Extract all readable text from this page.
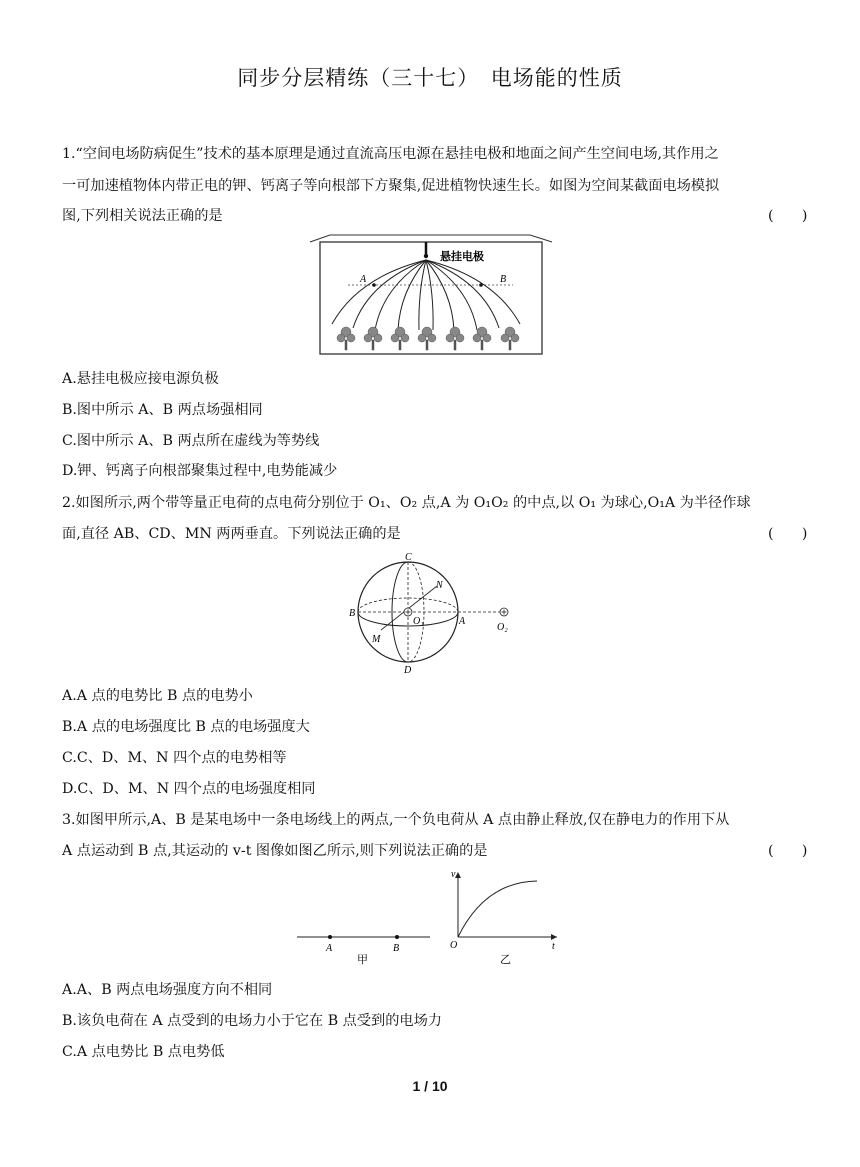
同步分层精练（三十七）　电场能的性质
1.“空间电场防病促生”技术的基本原理是通过直流高压电源在悬挂电极和地面之间产生空间电场,其作用之
一可加速植物体内带正电的钾、钙离子等向根部下方聚集,促进植物快速生长。如图为空间某截面电场模拟
图,下列相关说法正确的是	(　　)
悬挂电极
A	B
A.悬挂电极应接电源负极
B.图中所示 A、B 两点场强相同
C.图中所示 A、B 两点所在虚线为等势线
D.钾、钙离子向根部聚集过程中,电势能减少
2.如图所示,两个带等量正电荷的点电荷分别位于 O₁、O₂ 点,A 为 O₁O₂ 的中点,以 O₁ 为球心,O₁A 为半径作球
面,直径 AB、CD、MN 两两垂直。下列说法正确的是	(　　)
C
N
B
A
M
D
O₁
O₂
A.A 点的电势比 B 点的电势小
B.A 点的电场强度比 B 点的电场强度大
C.C、D、M、N 四个点的电势相等
D.C、D、M、N 四个点的电场强度相同
3.如图甲所示,A、B 是某电场中一条电场线上的两点,一个负电荷从 A 点由静止释放,仅在静电力的作用下从
A 点运动到 B 点,其运动的 v-t 图像如图乙所示,则下列说法正确的是	(　　)
A	B
甲
v
t
O
乙
A.A、B 两点电场强度方向不相同
B.该负电荷在 A 点受到的电场力小于它在 B 点受到的电场力
C.A 点电势比 B 点电势低
1 / 10
